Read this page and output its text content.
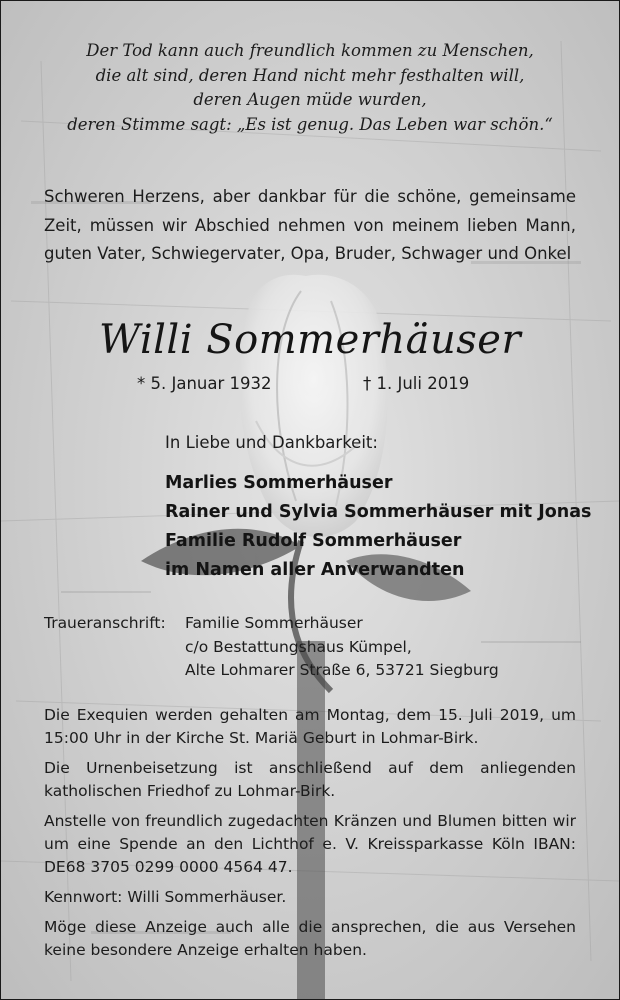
Der Tod kann auch freundlich kommen zu Menschen,
die alt sind, deren Hand nicht mehr festhalten will,
deren Augen müde wurden,
deren Stimme sagt: „Es ist genug. Das Leben war schön.“
Schweren Herzens, aber dankbar für die schöne, gemeinsame Zeit, müssen wir Abschied nehmen von meinem lieben Mann, guten Vater, Schwiegervater, Opa, Bruder, Schwager und Onkel
Willi Sommerhäuser
* 5. Januar 1932	† 1. Juli 2019
In Liebe und Dankbarkeit:
Marlies Sommerhäuser
Rainer und Sylvia Sommerhäuser mit Jonas
Familie Rudolf Sommerhäuser
im Namen aller Anverwandten
Traueranschrift: Familie Sommerhäuser
c/o Bestattungshaus Kümpel,
Alte Lohmarer Straße 6, 53721 Siegburg

Die Exequien werden gehalten am Montag, dem 15. Juli 2019, um 15:00 Uhr in der Kirche St. Mariä Geburt in Lohmar-Birk.

Die Urnenbeisetzung ist anschließend auf dem anliegenden katholischen Friedhof zu Lohmar-Birk.

Anstelle von freundlich zugedachten Kränzen und Blumen bitten wir um eine Spende an den Lichthof e. V. Kreissparkasse Köln IBAN: DE68 3705 0299 0000 4564 47.

Kennwort: Willi Sommerhäuser.

Möge diese Anzeige auch alle die ansprechen, die aus Versehen keine besondere Anzeige erhalten haben.
